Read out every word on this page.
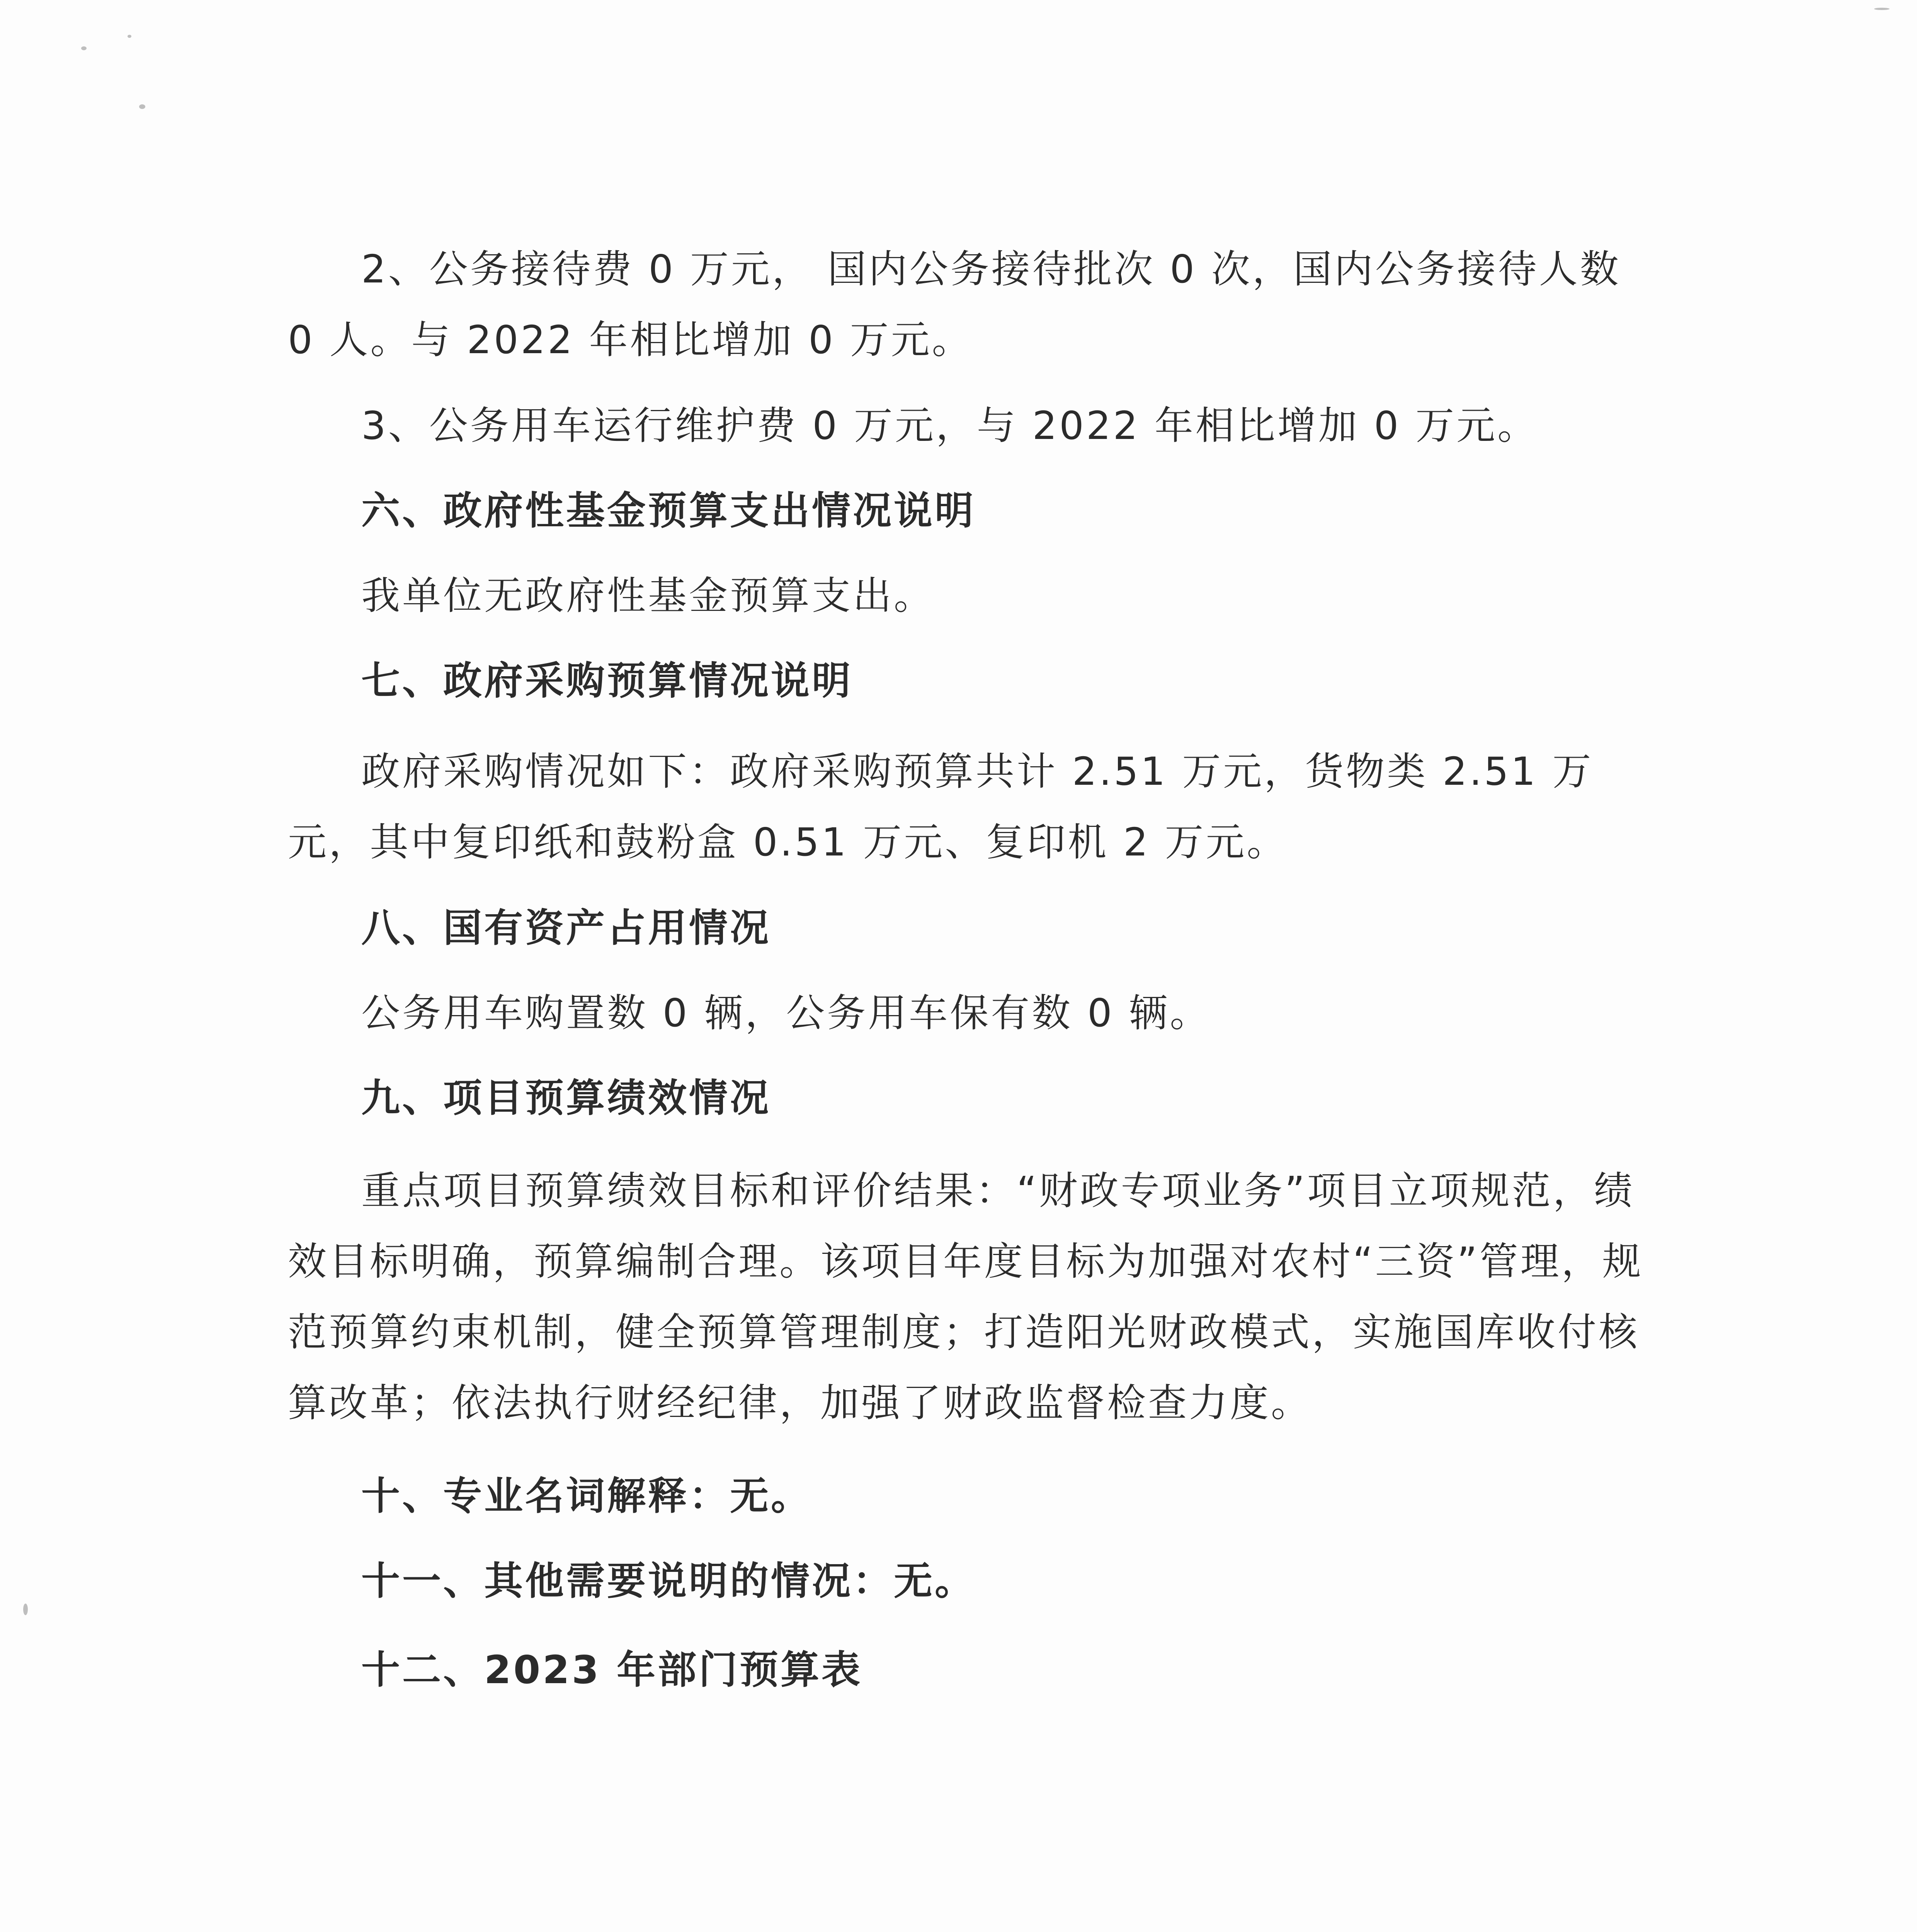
2、公务接待费 0 万元， 国内公务接待批次 0 次，国内公务接待人数 0 人。与 2022 年相比增加 0 万元。

3、公务用车运行维护费 0 万元，与 2022 年相比增加 0 万元。

六、政府性基金预算支出情况说明

我单位无政府性基金预算支出。

七、政府采购预算情况说明

政府采购情况如下：政府采购预算共计 2.51 万元，货物类 2.51 万元，其中复印纸和鼓粉盒 0.51 万元、复印机 2 万元。

八、国有资产占用情况

公务用车购置数 0 辆，公务用车保有数 0 辆。

九、项目预算绩效情况

重点项目预算绩效目标和评价结果：“财政专项业务”项目立项规范，绩效目标明确，预算编制合理。该项目年度目标为加强对农村“三资”管理，规范预算约束机制，健全预算管理制度；打造阳光财政模式，实施国库收付核算改革；依法执行财经纪律，加强了财政监督检查力度。

十、专业名词解释：无。

十一、其他需要说明的情况：无。

十二、2023 年部门预算表
